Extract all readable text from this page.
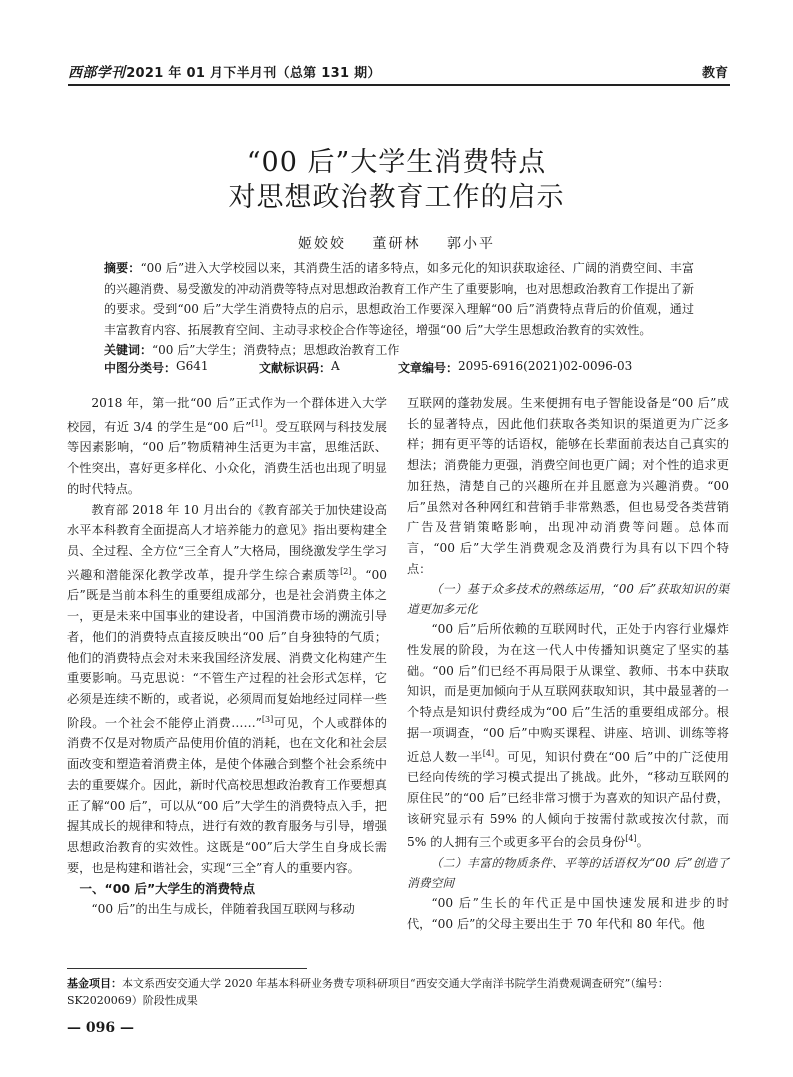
西部学刊2021 年 01 月下半月刊（总第 131 期）	教育
“00 后”大学生消费特点
对思想政治教育工作的启示
姬姣姣 董研林 郭小平

摘要：“00 后”进入大学校园以来，其消费生活的诸多特点，如多元化的知识获取途径、广阔的消费空间、丰富的兴趣消费、易受激发的冲动消费等特点对思想政治教育工作产生了重要影响，也对思想政治教育工作提出了新的要求。受到“00 后”大学生消费特点的启示，思想政治工作要深入理解“00 后”消费特点背后的价值观，通过丰富教育内容、拓展教育空间、主动寻求校企合作等途径，增强“00 后”大学生思想政治教育的实效性。

关键词：“00 后”大学生；消费特点；思想政治教育工作

中图分类号： G641	文献标识码： A	文章编号： 2095-6916(2021)02-0096-03

2018 年，第一批“00 后”正式作为一个群体进入大学校园，有近 3/4 的学生是“00 后”[1]。受互联网与科技发展等因素影响，“00 后”物质精神生活更为丰富，思维活跃、个性突出，喜好更多样化、小众化，消费生活也出现了明显的时代特点。

教育部 2018 年 10 月出台的《教育部关于加快建设高水平本科教育全面提高人才培养能力的意见》指出要构建全员、全过程、全方位“三全育人”大格局，围绕激发学生学习兴趣和潜能深化教学改革，提升学生综合素质等[2]。“00 后”既是当前本科生的重要组成部分，也是社会消费主体之一，更是未来中国事业的建设者，中国消费市场的溯流引导者，他们的消费特点直接反映出“00 后”自身独特的气质；他们的消费特点会对未来我国经济发展、消费文化构建产生重要影响。马克思说：“不管生产过程的社会形式怎样，它必须是连续不断的，或者说，必须周而复始地经过同样一些阶段。一个社会不能停止消费……”[3]可见，个人或群体的消费不仅是对物质产品使用价值的消耗，也在文化和社会层面改变和塑造着消费主体，是使个体融合到整个社会系统中去的重要媒介。因此，新时代高校思想政治教育工作要想真正了解“00 后”，可以从“00 后”大学生的消费特点入手，把握其成长的规律和特点，进行有效的教育服务与引导，增强思想政治教育的实效性。这既是“00”后大学生自身成长需要，也是构建和谐社会，实现“三全”育人的重要内容。

一、“00 后”大学生的消费特点

“00 后”的出生与成长，伴随着我国互联网与移动

互联网的蓬勃发展。生来便拥有电子智能设备是“00 后”成长的显著特点，因此他们获取各类知识的渠道更为广泛多样；拥有更平等的话语权，能够在长辈面前表达自己真实的想法；消费能力更强，消费空间也更广阔；对个性的追求更加狂热，清楚自己的兴趣所在并且愿意为兴趣消费。“00 后”虽然对各种网红和营销手非常熟悉，但也易受各类营销广告及营销策略影响，出现冲动消费等问题。总体而言，“00 后”大学生消费观念及消费行为具有以下四个特点：

（一）基于众多技术的熟练运用，“00 后”获取知识的渠道更加多元化

“00 后”后所依赖的互联网时代，正处于内容行业爆炸性发展的阶段，为在这一代人中传播知识奠定了坚实的基础。“00 后”们已经不再局限于从课堂、教师、书本中获取知识，而是更加倾向于从互联网获取知识，其中最显著的一个特点是知识付费经成为“00 后”生活的重要组成部分。根据一项调查，“00 后”中购买课程、讲座、培训、训练等将近总人数一半[4]。可见，知识付费在“00 后”中的广泛使用已经向传统的学习模式提出了挑战。此外，“移动互联网的原住民”的“00 后”已经非常习惯于为喜欢的知识产品付费，该研究显示有 59% 的人倾向于按需付款或按次付款，而 5% 的人拥有三个或更多平台的会员身份[4]。

（二）丰富的物质条件、平等的话语权为“00 后”创造了消费空间

“00 后”生长的年代正是中国快速发展和进步的时代，“00 后”的父母主要出生于 70 年代和 80 年代。他

基金项目：本文系西安交通大学 2020 年基本科研业务费专项科研项目“西安交通大学南洋书院学生消费观调查研究”（编号：SK2020069）阶段性成果
— 096 —
